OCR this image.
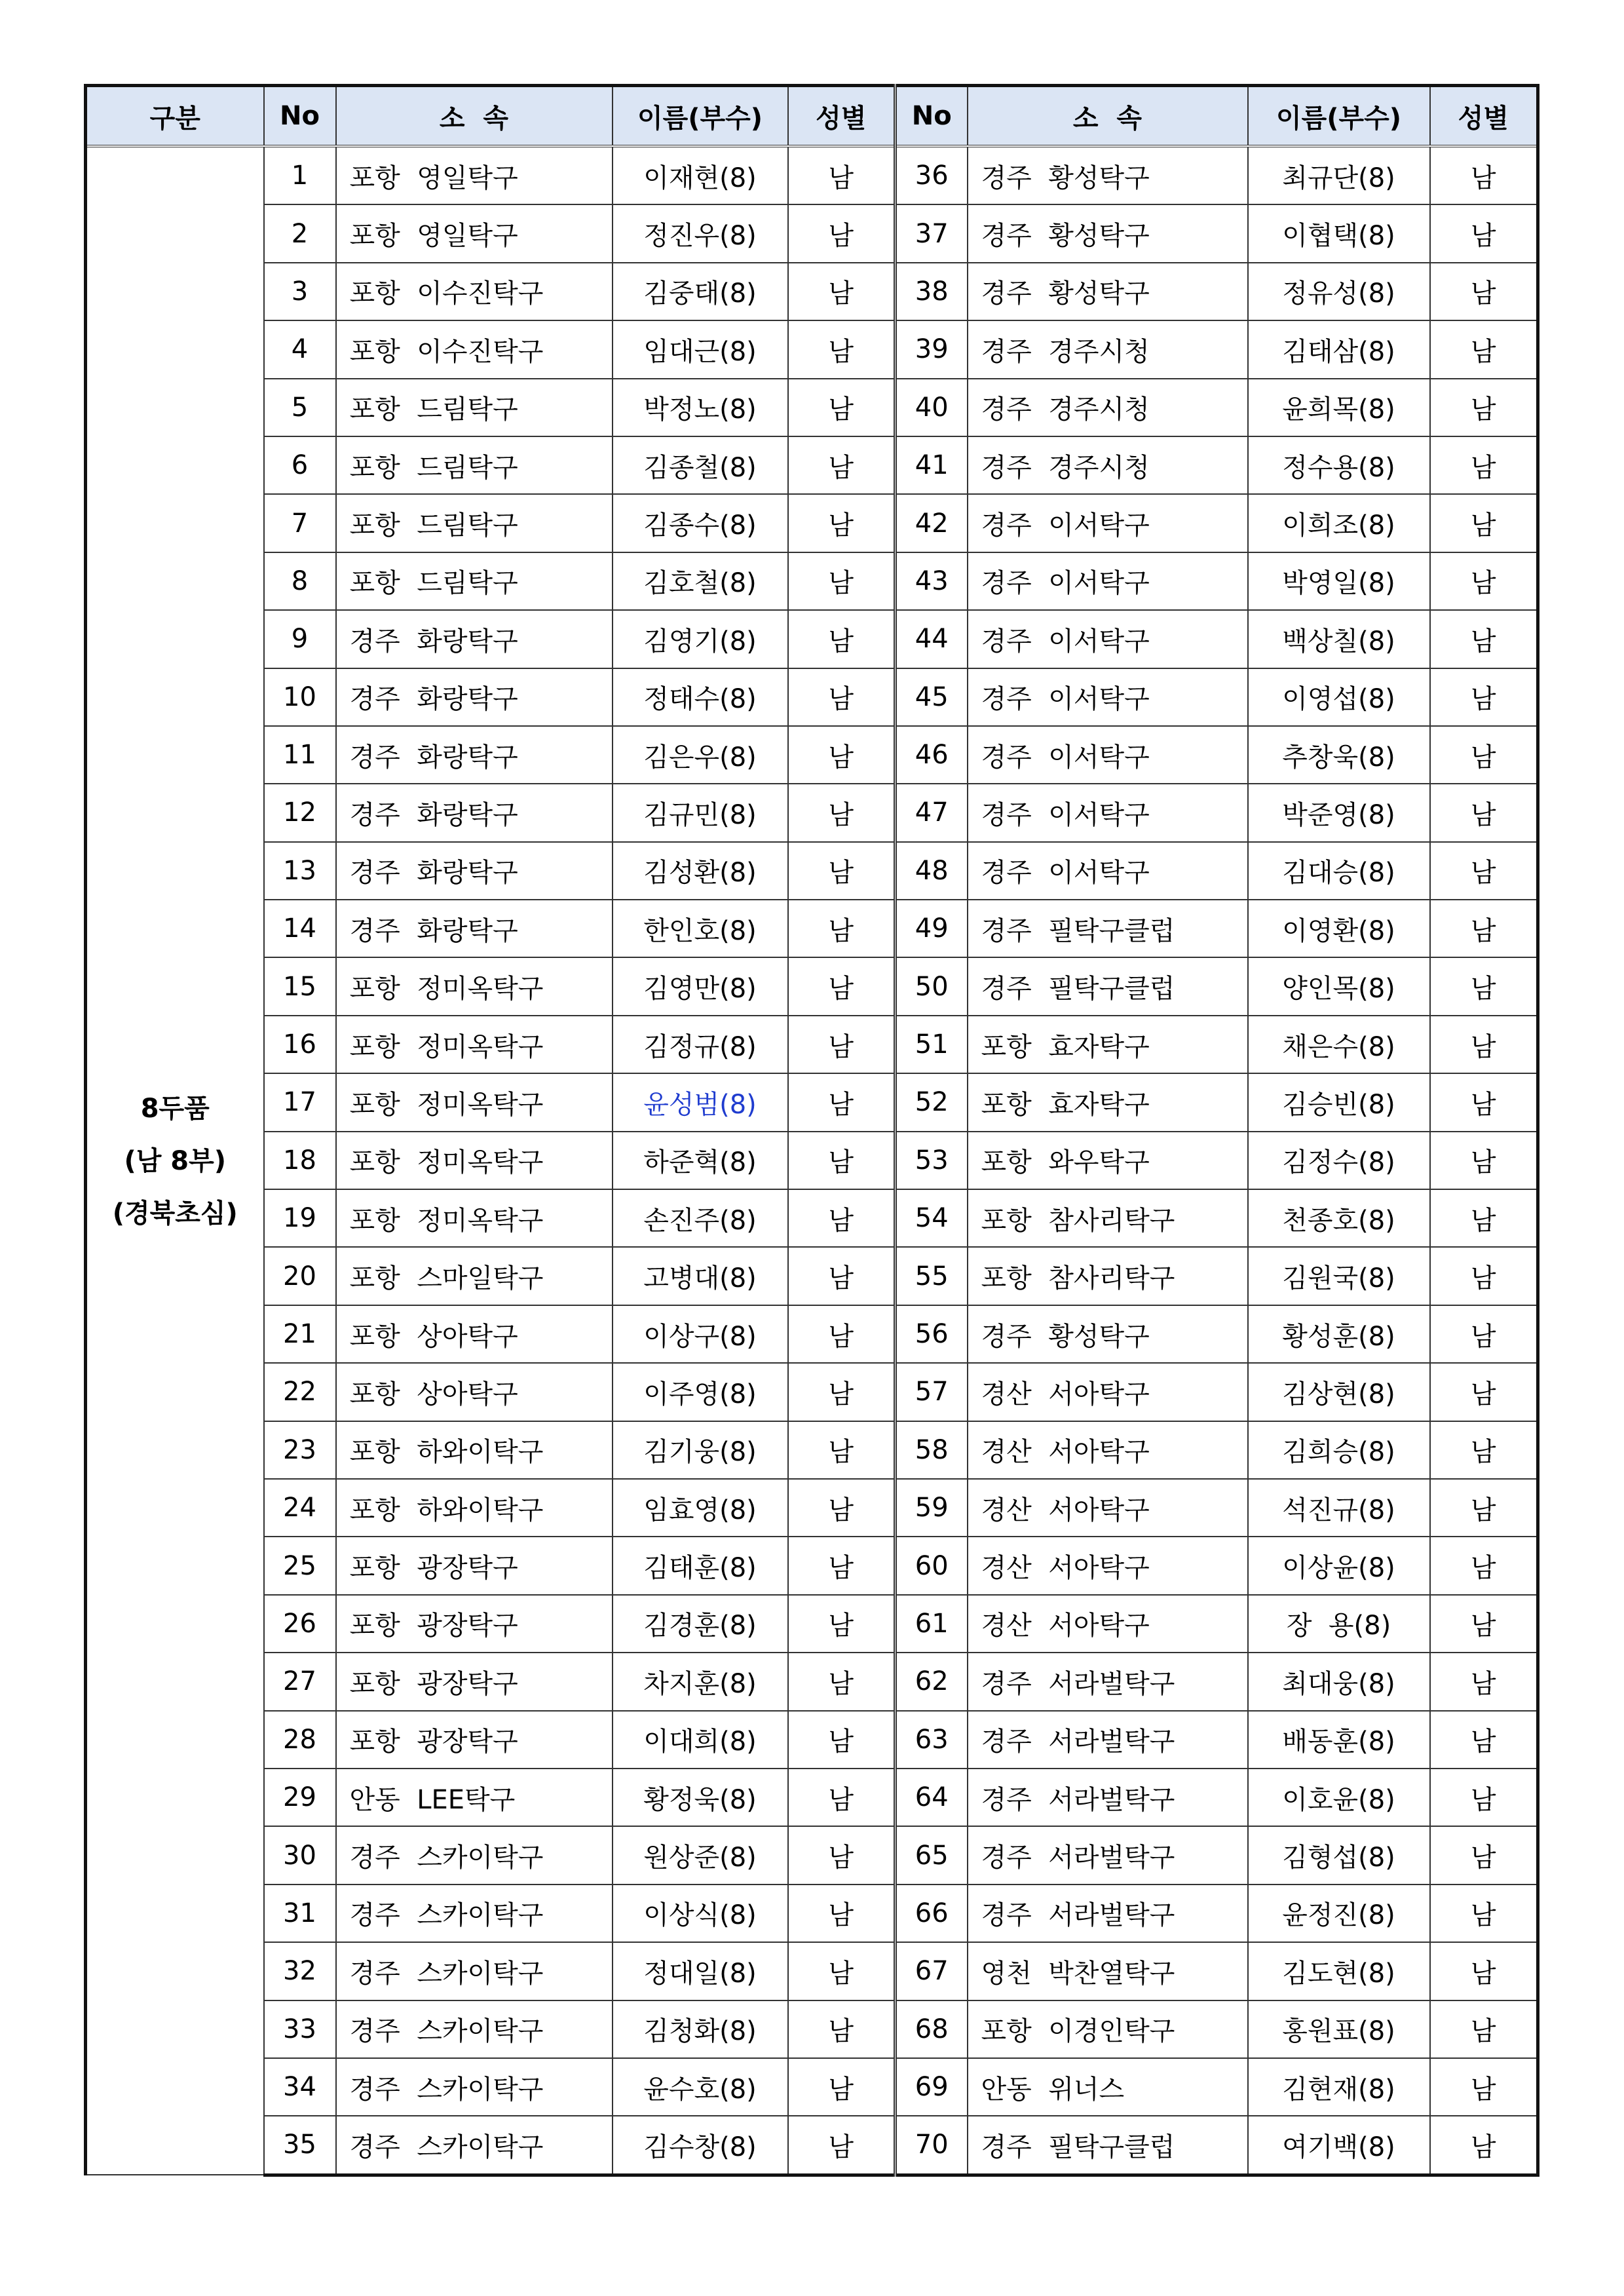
구분	No	소  속	이름(부수)	성별	No	소  속	이름(부수)	성별

8두품
(남 8부)
(경북초심)	1	포항  영일탁구	이재현(8)	남	36	경주  황성탁구	최규단(8)	남
	2	포항  영일탁구	정진우(8)	남	37	경주  황성탁구	이협택(8)	남
	3	포항  이수진탁구	김중태(8)	남	38	경주  황성탁구	정유성(8)	남
	4	포항  이수진탁구	임대근(8)	남	39	경주  경주시청	김태삼(8)	남
	5	포항  드림탁구	박정노(8)	남	40	경주  경주시청	윤희목(8)	남
	6	포항  드림탁구	김종철(8)	남	41	경주  경주시청	정수용(8)	남
	7	포항  드림탁구	김종수(8)	남	42	경주  이서탁구	이희조(8)	남
	8	포항  드림탁구	김호철(8)	남	43	경주  이서탁구	박영일(8)	남
	9	경주  화랑탁구	김영기(8)	남	44	경주  이서탁구	백상칠(8)	남
	10	경주  화랑탁구	정태수(8)	남	45	경주  이서탁구	이영섭(8)	남
	11	경주  화랑탁구	김은우(8)	남	46	경주  이서탁구	추창욱(8)	남
	12	경주  화랑탁구	김규민(8)	남	47	경주  이서탁구	박준영(8)	남
	13	경주  화랑탁구	김성환(8)	남	48	경주  이서탁구	김대승(8)	남
	14	경주  화랑탁구	한인호(8)	남	49	경주  필탁구클럽	이영환(8)	남
	15	포항  정미옥탁구	김영만(8)	남	50	경주  필탁구클럽	양인목(8)	남
	16	포항  정미옥탁구	김정규(8)	남	51	포항  효자탁구	채은수(8)	남
	17	포항  정미옥탁구	윤성범(8)	남	52	포항  효자탁구	김승빈(8)	남
	18	포항  정미옥탁구	하준혁(8)	남	53	포항  와우탁구	김정수(8)	남
	19	포항  정미옥탁구	손진주(8)	남	54	포항  참사리탁구	천종호(8)	남
	20	포항  스마일탁구	고병대(8)	남	55	포항  참사리탁구	김원국(8)	남
	21	포항  상아탁구	이상구(8)	남	56	경주  황성탁구	황성훈(8)	남
	22	포항  상아탁구	이주영(8)	남	57	경산  서아탁구	김상현(8)	남
	23	포항  하와이탁구	김기웅(8)	남	58	경산  서아탁구	김희승(8)	남
	24	포항  하와이탁구	임효영(8)	남	59	경산  서아탁구	석진규(8)	남
	25	포항  광장탁구	김태훈(8)	남	60	경산  서아탁구	이상윤(8)	남
	26	포항  광장탁구	김경훈(8)	남	61	경산  서아탁구	장  용(8)	남
	27	포항  광장탁구	차지훈(8)	남	62	경주  서라벌탁구	최대웅(8)	남
	28	포항  광장탁구	이대희(8)	남	63	경주  서라벌탁구	배동훈(8)	남
	29	안동  LEE탁구	황정욱(8)	남	64	경주  서라벌탁구	이호윤(8)	남
	30	경주  스카이탁구	원상준(8)	남	65	경주  서라벌탁구	김형섭(8)	남
	31	경주  스카이탁구	이상식(8)	남	66	경주  서라벌탁구	윤정진(8)	남
	32	경주  스카이탁구	정대일(8)	남	67	영천  박찬열탁구	김도현(8)	남
	33	경주  스카이탁구	김청화(8)	남	68	포항  이경인탁구	홍원표(8)	남
	34	경주  스카이탁구	윤수호(8)	남	69	안동  위너스	김현재(8)	남
	35	경주  스카이탁구	김수창(8)	남	70	경주  필탁구클럽	여기백(8)	남
